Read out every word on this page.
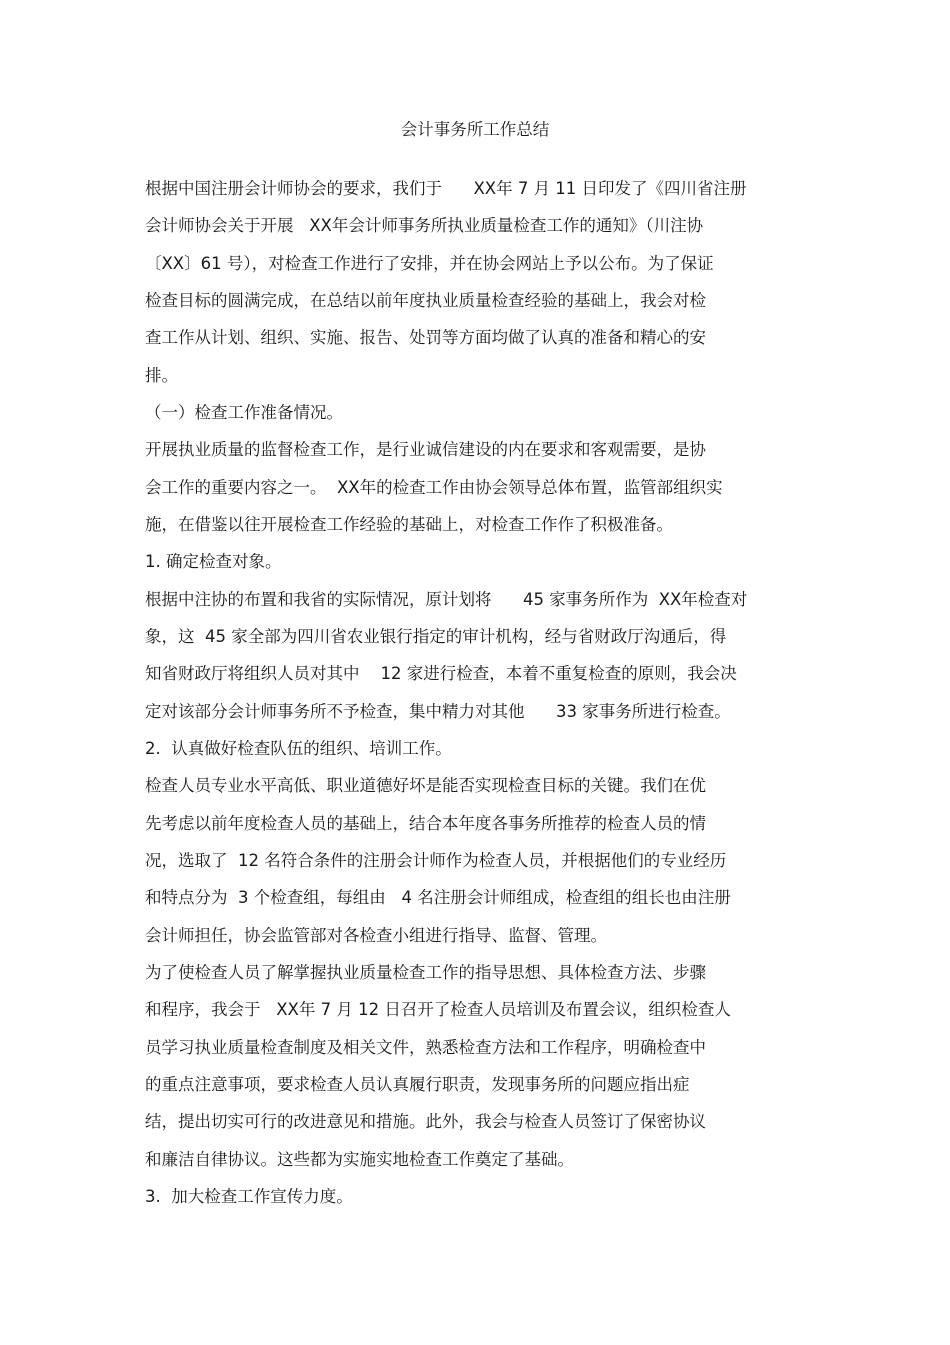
会计事务所工作总结
根据中国注册会计师协会的要求，我们于      XX年 7 月 11 日印发了《四川省注册
会计师协会关于开展   XX年会计师事务所执业质量检查工作的通知》（川注协
〔XX〕61 号），对检查工作进行了安排，并在协会网站上予以公布。为了保证
检查目标的圆满完成，在总结以前年度执业质量检查经验的基础上，我会对检
查工作从计划、组织、实施、报告、处罚等方面均做了认真的准备和精心的安
排。
（一）检查工作准备情况。
开展执业质量的监督检查工作，是行业诚信建设的内在要求和客观需要，是协
会工作的重要内容之一。  XX年的检查工作由协会领导总体布置，监管部组织实
施，在借鉴以往开展检查工作经验的基础上，对检查工作作了积极准备。
1. 确定检查对象。
根据中注协的布置和我省的实际情况，原计划将      45 家事务所作为  XX年检查对
象，这  45 家全部为四川省农业银行指定的审计机构，经与省财政厅沟通后，得
知省财政厅将组织人员对其中    12 家进行检查，本着不重复检查的原则，我会决
定对该部分会计师事务所不予检查，集中精力对其他      33 家事务所进行检查。
2.  认真做好检查队伍的组织、培训工作。
检查人员专业水平高低、职业道德好坏是能否实现检查目标的关键。我们在优
先考虑以前年度检查人员的基础上，结合本年度各事务所推荐的检查人员的情
况，选取了  12 名符合条件的注册会计师作为检查人员，并根据他们的专业经历
和特点分为  3 个检查组，每组由   4 名注册会计师组成，检查组的组长也由注册
会计师担任，协会监管部对各检查小组进行指导、监督、管理。
为了使检查人员了解掌握执业质量检查工作的指导思想、具体检查方法、步骤
和程序，我会于   XX年 7 月 12 日召开了检查人员培训及布置会议，组织检查人
员学习执业质量检查制度及相关文件，熟悉检查方法和工作程序，明确检查中
的重点注意事项，要求检查人员认真履行职责，发现事务所的问题应指出症
结，提出切实可行的改进意见和措施。此外，我会与检查人员签订了保密协议
和廉洁自律协议。这些都为实施实地检查工作奠定了基础。
3.  加大检查工作宣传力度。
